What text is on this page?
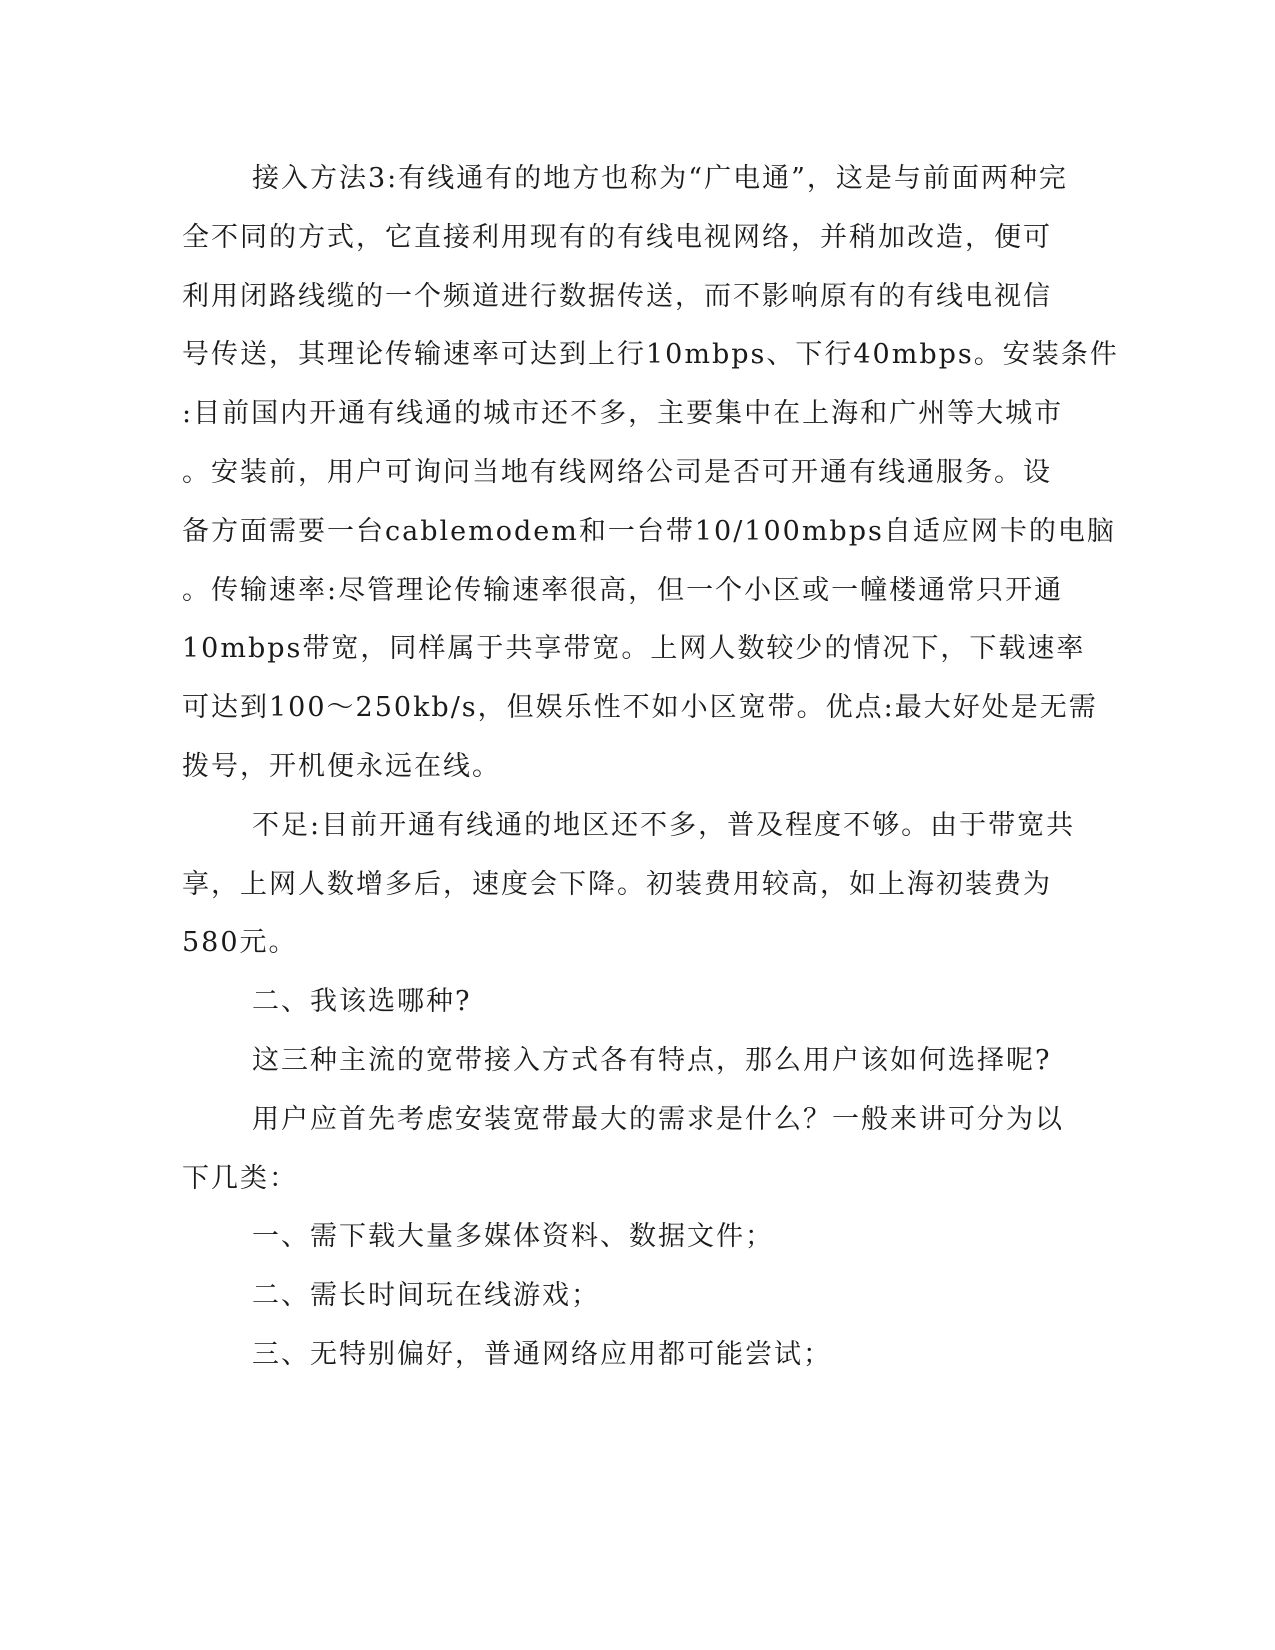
接入方法3:有线通有的地方也称为“广电通”，这是与前面两种完
全不同的方式，它直接利用现有的有线电视网络，并稍加改造，便可
利用闭路线缆的一个频道进行数据传送，而不影响原有的有线电视信
号传送，其理论传输速率可达到上行10mbps、下行40mbps。安装条件
:目前国内开通有线通的城市还不多，主要集中在上海和广州等大城市
。安装前，用户可询问当地有线网络公司是否可开通有线通服务。设
备方面需要一台cablemodem和一台带10/100mbps自适应网卡的电脑
。传输速率:尽管理论传输速率很高，但一个小区或一幢楼通常只开通
10mbps带宽，同样属于共享带宽。上网人数较少的情况下，下载速率
可达到100～250kb/s，但娱乐性不如小区宽带。优点:最大好处是无需
拨号，开机便永远在线。
不足:目前开通有线通的地区还不多，普及程度不够。由于带宽共
享，上网人数增多后，速度会下降。初装费用较高，如上海初装费为
580元。
二、我该选哪种?
这三种主流的宽带接入方式各有特点，那么用户该如何选择呢?
用户应首先考虑安装宽带最大的需求是什么？一般来讲可分为以
下几类：
一、需下载大量多媒体资料、数据文件；
二、需长时间玩在线游戏；
三、无特别偏好，普通网络应用都可能尝试；
